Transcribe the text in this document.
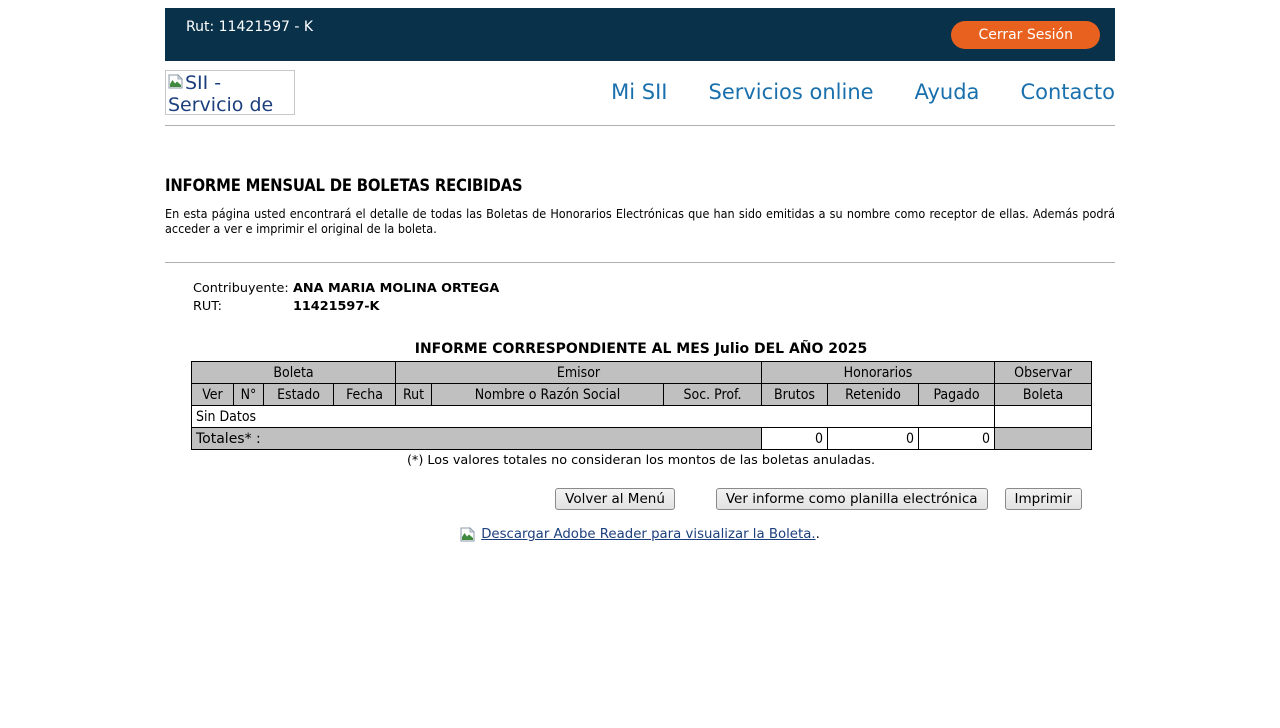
Rut: 11421597 - K	Cerrar Sesión
SII - Servicio de
Mi SII Servicios online Ayuda Contacto
INFORME MENSUAL DE BOLETAS RECIBIDAS

En esta página usted encontrará el detalle de todas las Boletas de Honorarios Electrónicas que han sido emitidas a su nombre como receptor de ellas. Además podrá acceder a ver e imprimir el original de la boleta.

Contribuyente: ANA MARIA MOLINA ORTEGA
RUT:	11421597-K
INFORME CORRESPONDIENTE AL MES Julio DEL AÑO 2025
Boleta				Emisor			Honorarios			Observar
Ver	N°	Estado	Fecha	Rut	Nombre o Razón Social	Soc. Prof.	Brutos	Retenido	Pagado	Boleta
Sin Datos										
Totales* :							0	0	0	
(*) Los valores totales no consideran los montos de las boletas anuladas.
Volver al Menú	Ver informe como planilla electrónica	Imprimir
Descargar Adobe Reader para visualizar la Boleta. .
